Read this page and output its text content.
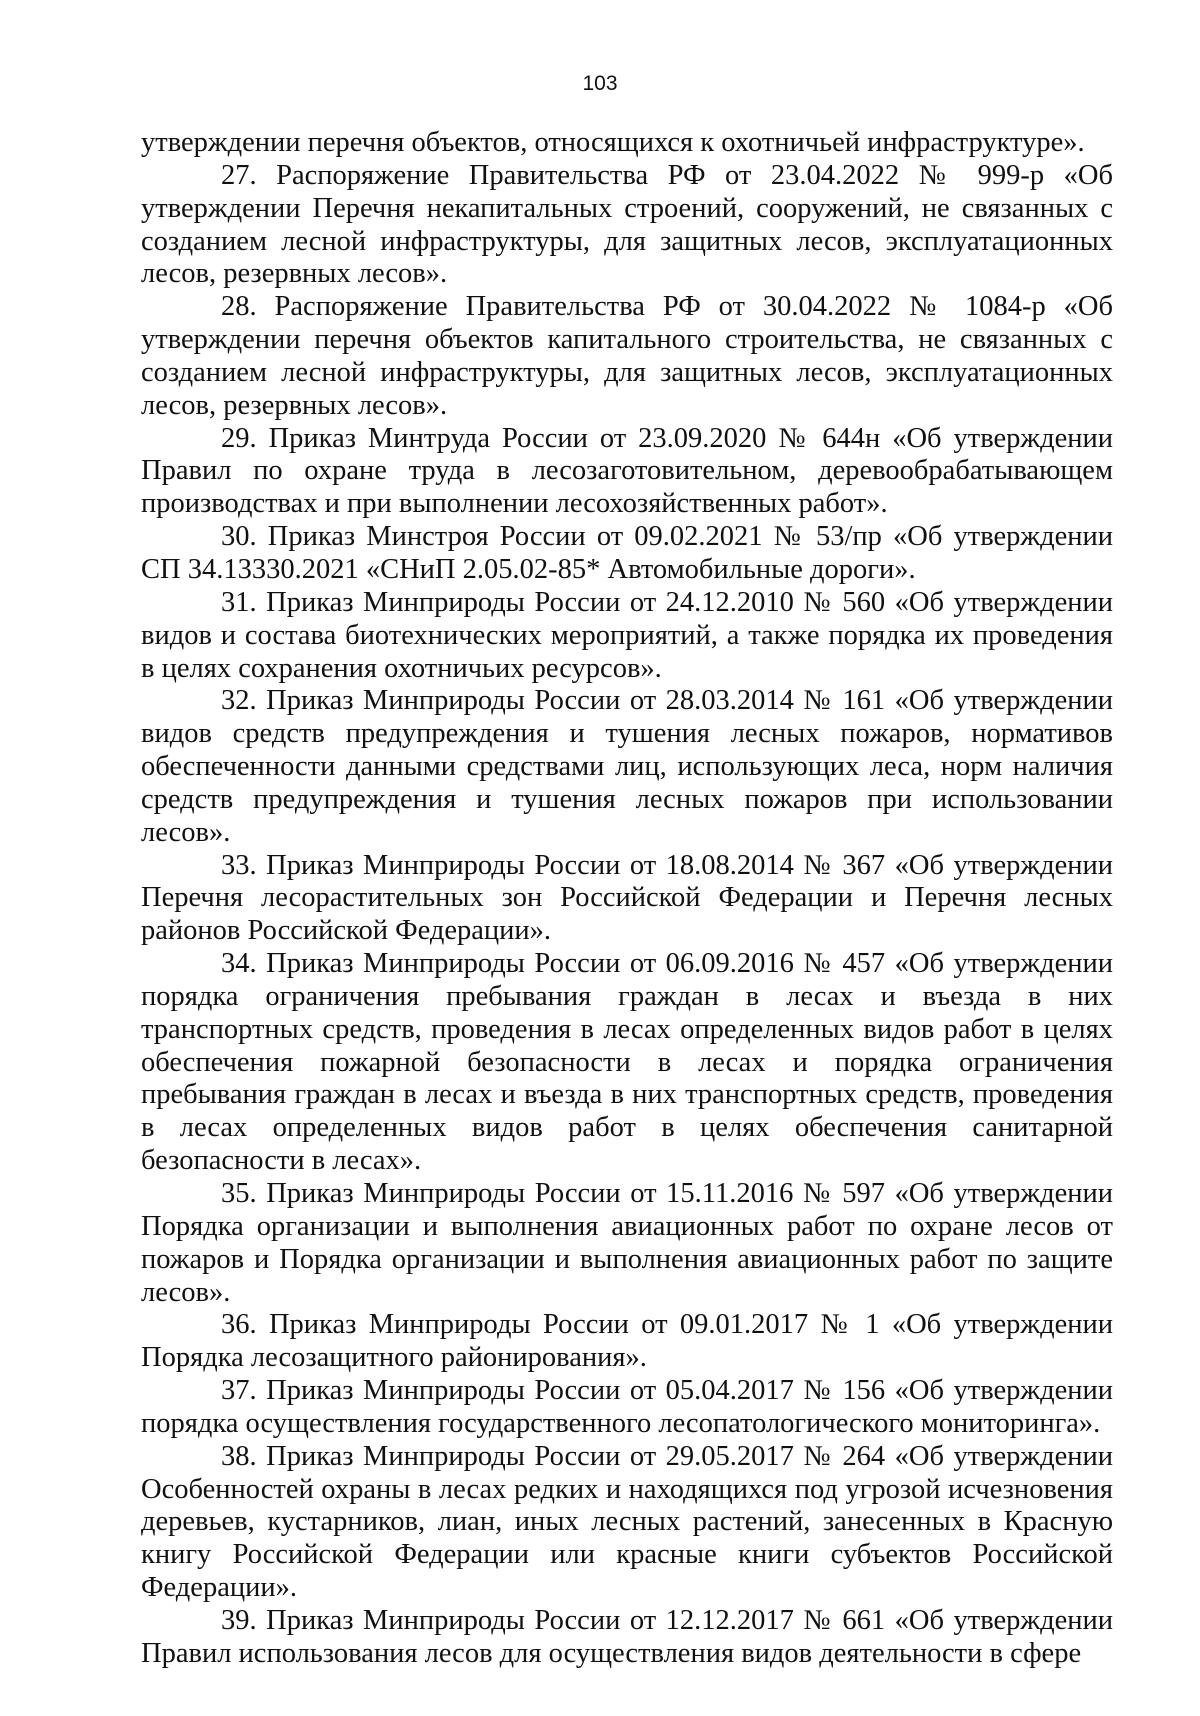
103

утверждении перечня объектов, относящихся к охотничьей инфраструктуре».

27. Распоряжение Правительства РФ от 23.04.2022 № 999-р «Об утверждении Перечня некапитальных строений, сооружений, не связанных с созданием лесной инфраструктуры, для защитных лесов, эксплуатационных лесов, резервных лесов».

28. Распоряжение Правительства РФ от 30.04.2022 № 1084-р «Об утверждении перечня объектов капитального строительства, не связанных с созданием лесной инфраструктуры, для защитных лесов, эксплуатационных лесов, резервных лесов».

29. Приказ Минтруда России от 23.09.2020 № 644н «Об утверждении Правил по охране труда в лесозаготовительном, деревообрабатывающем производствах и при выполнении лесохозяйственных работ».

30. Приказ Минстроя России от 09.02.2021 № 53/пр «Об утверждении СП 34.13330.2021 «СНиП 2.05.02-85* Автомобильные дороги».

31. Приказ Минприроды России от 24.12.2010 № 560 «Об утверждении видов и состава биотехнических мероприятий, а также порядка их проведения в целях сохранения охотничьих ресурсов».

32. Приказ Минприроды России от 28.03.2014 № 161 «Об утверждении видов средств предупреждения и тушения лесных пожаров, нормативов обеспеченности данными средствами лиц, использующих леса, норм наличия средств предупреждения и тушения лесных пожаров при использовании лесов».

33. Приказ Минприроды России от 18.08.2014 № 367 «Об утверждении Перечня лесорастительных зон Российской Федерации и Перечня лесных районов Российской Федерации».

34. Приказ Минприроды России от 06.09.2016 № 457 «Об утверждении порядка ограничения пребывания граждан в лесах и въезда в них транспортных средств, проведения в лесах определенных видов работ в целях обеспечения пожарной безопасности в лесах и порядка ограничения пребывания граждан в лесах и въезда в них транспортных средств, проведения в лесах определенных видов работ в целях обеспечения санитарной безопасности в лесах».

35. Приказ Минприроды России от 15.11.2016 № 597 «Об утверждении Порядка организации и выполнения авиационных работ по охране лесов от пожаров и Порядка организации и выполнения авиационных работ по защите лесов».

36. Приказ Минприроды России от 09.01.2017 № 1 «Об утверждении Порядка лесозащитного районирования».

37. Приказ Минприроды России от 05.04.2017 № 156 «Об утверждении порядка осуществления государственного лесопатологического мониторинга».

38. Приказ Минприроды России от 29.05.2017 № 264 «Об утверждении Особенностей охраны в лесах редких и находящихся под угрозой исчезновения деревьев, кустарников, лиан, иных лесных растений, занесенных в Красную книгу Российской Федерации или красные книги субъектов Российской Федерации».

39. Приказ Минприроды России от 12.12.2017 № 661 «Об утверждении Правил использования лесов для осуществления видов деятельности в сфере
